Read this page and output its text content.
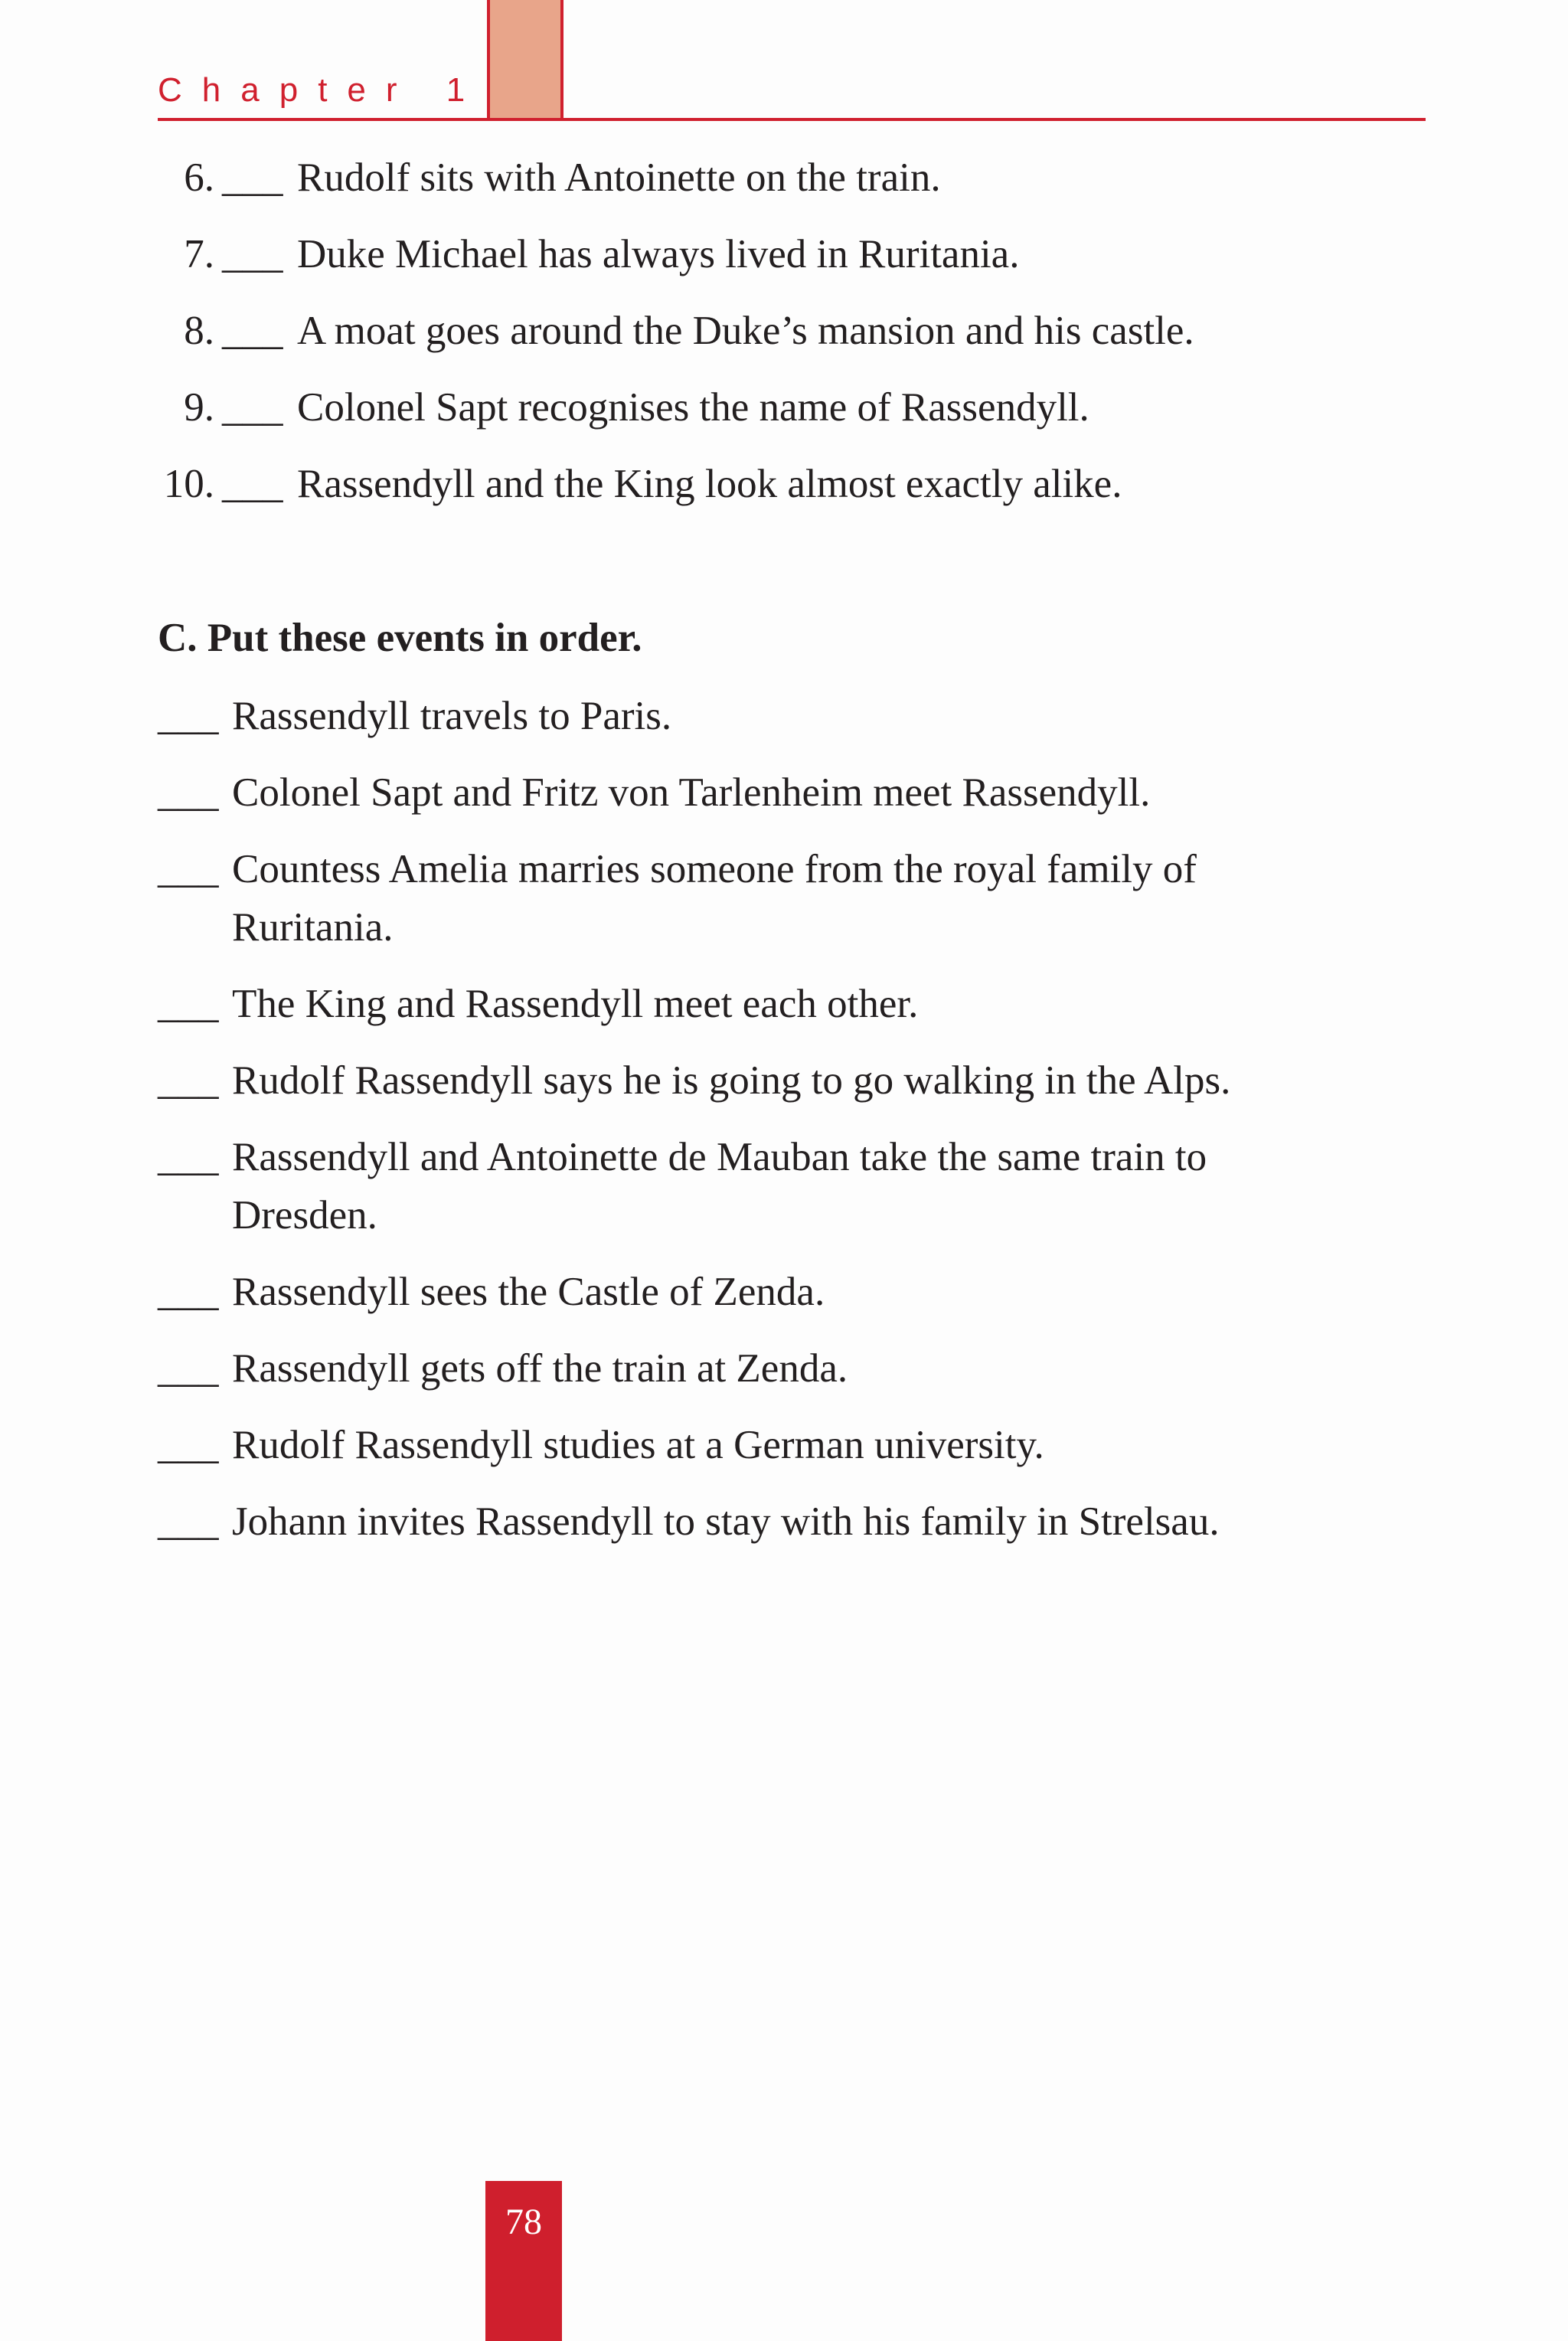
Chapter 1
6. ___ Rudolf sits with Antoinette on the train.
7. ___ Duke Michael has always lived in Ruritania.
8. ___ A moat goes around the Duke’s mansion and his castle.
9. ___ Colonel Sapt recognises the name of Rassendyll.
10. ___ Rassendyll and the King look almost exactly alike.
C. Put these events in order.
___ Rassendyll travels to Paris.
___ Colonel Sapt and Fritz von Tarlenheim meet Rassendyll.
___ Countess Amelia marries someone from the royal family of
Ruritania.
___ The King and Rassendyll meet each other.
___ Rudolf Rassendyll says he is going to go walking in the Alps.
___ Rassendyll and Antoinette de Mauban take the same train to
Dresden.
___ Rassendyll sees the Castle of Zenda.
___ Rassendyll gets off the train at Zenda.
___ Rudolf Rassendyll studies at a German university.
___ Johann invites Rassendyll to stay with his family in Strelsau.
78
